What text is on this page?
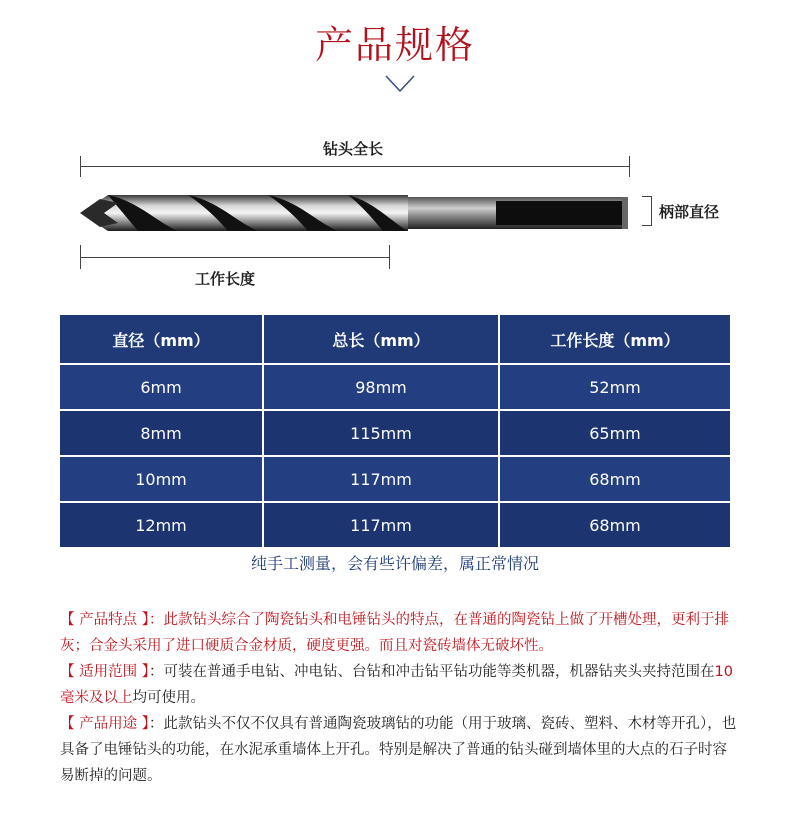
产品规格
钻头全长
柄部直径
工作长度
直径（mm）	总长（mm）	工作长度（mm）
6mm	98mm	52mm
8mm	115mm	65mm
10mm	117mm	68mm
12mm	117mm	68mm
纯手工测量，会有些许偏差，属正常情况
【 产品特点 】：此款钻头综合了陶瓷钻头和电锤钻头的特点，在普通的陶瓷钻上做了开槽处理，更利于排灰；合金头采用了进口硬质合金材质，硬度更强。而且对瓷砖墙体无破坏性。
【 适用范围 】：可装在普通手电钻、冲电钻、台钻和冲击钻平钻功能等类机器，机器钻夹头夹持范围在10毫米及以上均可使用。
【 产品用途 】：此款钻头不仅不仅具有普通陶瓷玻璃钻的功能（用于玻璃、瓷砖、塑料、木材等开孔），也具备了电锤钻头的功能，在水泥承重墙体上开孔。特别是解决了普通的钻头碰到墙体里的大点的石子时容易断掉的问题。
